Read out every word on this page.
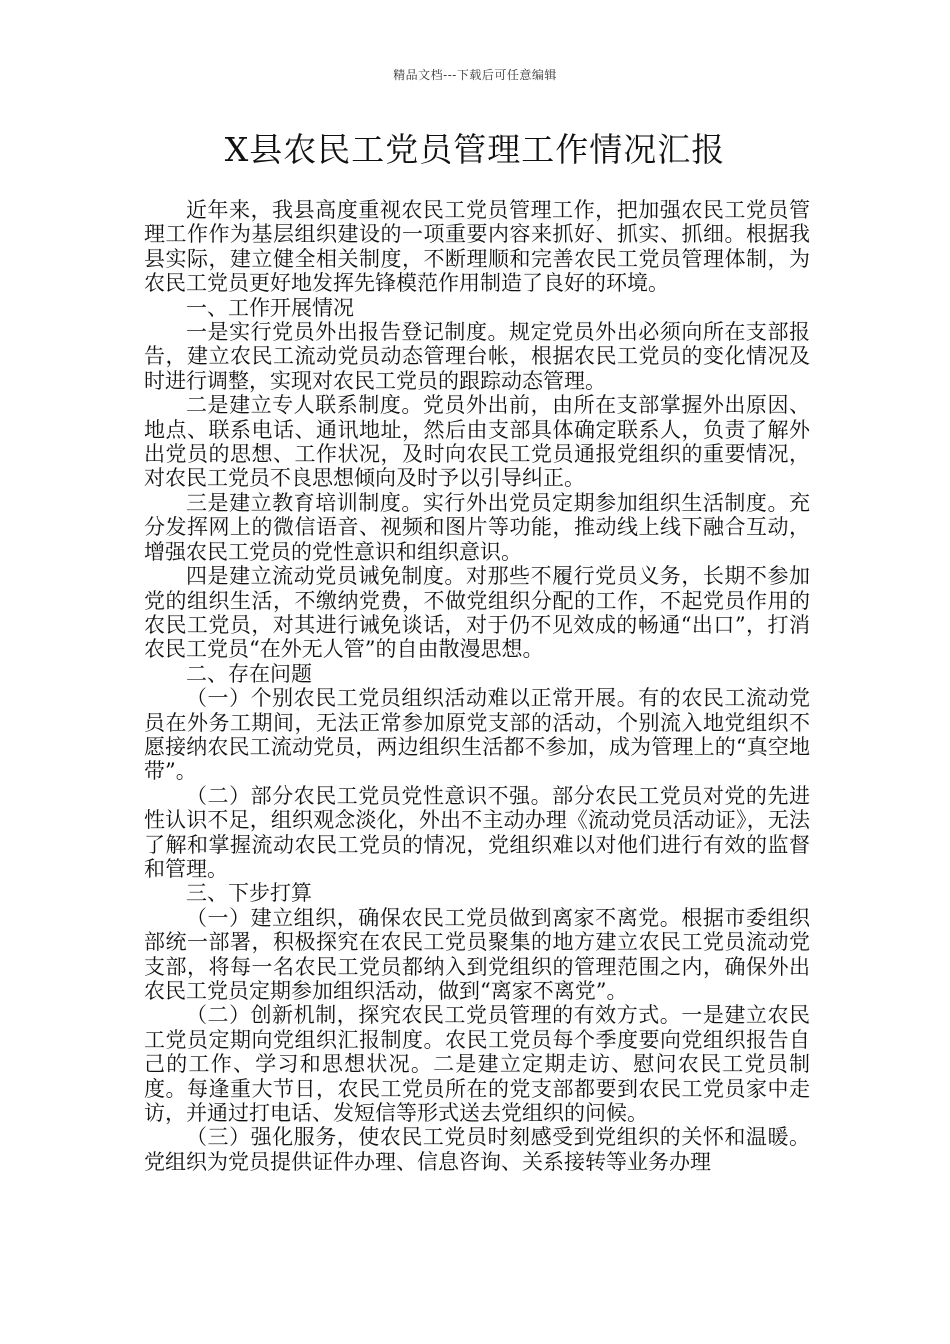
精品文档---下载后可任意编辑
X县农民工党员管理工作情况汇报

近年来，我县高度重视农民工党员管理工作，把加强农民工党员管理工作作为基层组织建设的一项重要内容来抓好、抓实、抓细。根据我县实际，建立健全相关制度，不断理顺和完善农民工党员管理体制，为农民工党员更好地发挥先锋模范作用制造了良好的环境。

一、工作开展情况

一是实行党员外出报告登记制度。规定党员外出必须向所在支部报告，建立农民工流动党员动态管理台帐，根据农民工党员的变化情况及时进行调整，实现对农民工党员的跟踪动态管理。

二是建立专人联系制度。党员外出前，由所在支部掌握外出原因、地点、联系电话、通讯地址，然后由支部具体确定联系人，负责了解外出党员的思想、工作状况，及时向农民工党员通报党组织的重要情况，对农民工党员不良思想倾向及时予以引导纠正。

三是建立教育培训制度。实行外出党员定期参加组织生活制度。充分发挥网上的微信语音、视频和图片等功能，推动线上线下融合互动，增强农民工党员的党性意识和组织意识。

四是建立流动党员诫免制度。对那些不履行党员义务，长期不参加党的组织生活，不缴纳党费，不做党组织分配的工作，不起党员作用的农民工党员，对其进行诫免谈话，对于仍不见效成的畅通“出口”，打消农民工党员“在外无人管”的自由散漫思想。

二、存在问题

（一）个别农民工党员组织活动难以正常开展。有的农民工流动党员在外务工期间，无法正常参加原党支部的活动，个别流入地党组织不愿接纳农民工流动党员，两边组织生活都不参加，成为管理上的“真空地带”。

（二）部分农民工党员党性意识不强。部分农民工党员对党的先进性认识不足，组织观念淡化，外出不主动办理《流动党员活动证》，无法了解和掌握流动农民工党员的情况，党组织难以对他们进行有效的监督和管理。

三、下步打算

（一）建立组织，确保农民工党员做到离家不离党。根据市委组织部统一部署，积极探究在农民工党员聚集的地方建立农民工党员流动党支部，将每一名农民工党员都纳入到党组织的管理范围之内，确保外出农民工党员定期参加组织活动，做到“离家不离党”。

（二）创新机制，探究农民工党员管理的有效方式。一是建立农民工党员定期向党组织汇报制度。农民工党员每个季度要向党组织报告自己的工作、学习和思想状况。二是建立定期走访、慰问农民工党员制度。每逢重大节日，农民工党员所在的党支部都要到农民工党员家中走访，并通过打电话、发短信等形式送去党组织的问候。

（三）强化服务，使农民工党员时刻感受到党组织的关怀和温暖。党组织为党员提供证件办理、信息咨询、关系接转等业务办理
